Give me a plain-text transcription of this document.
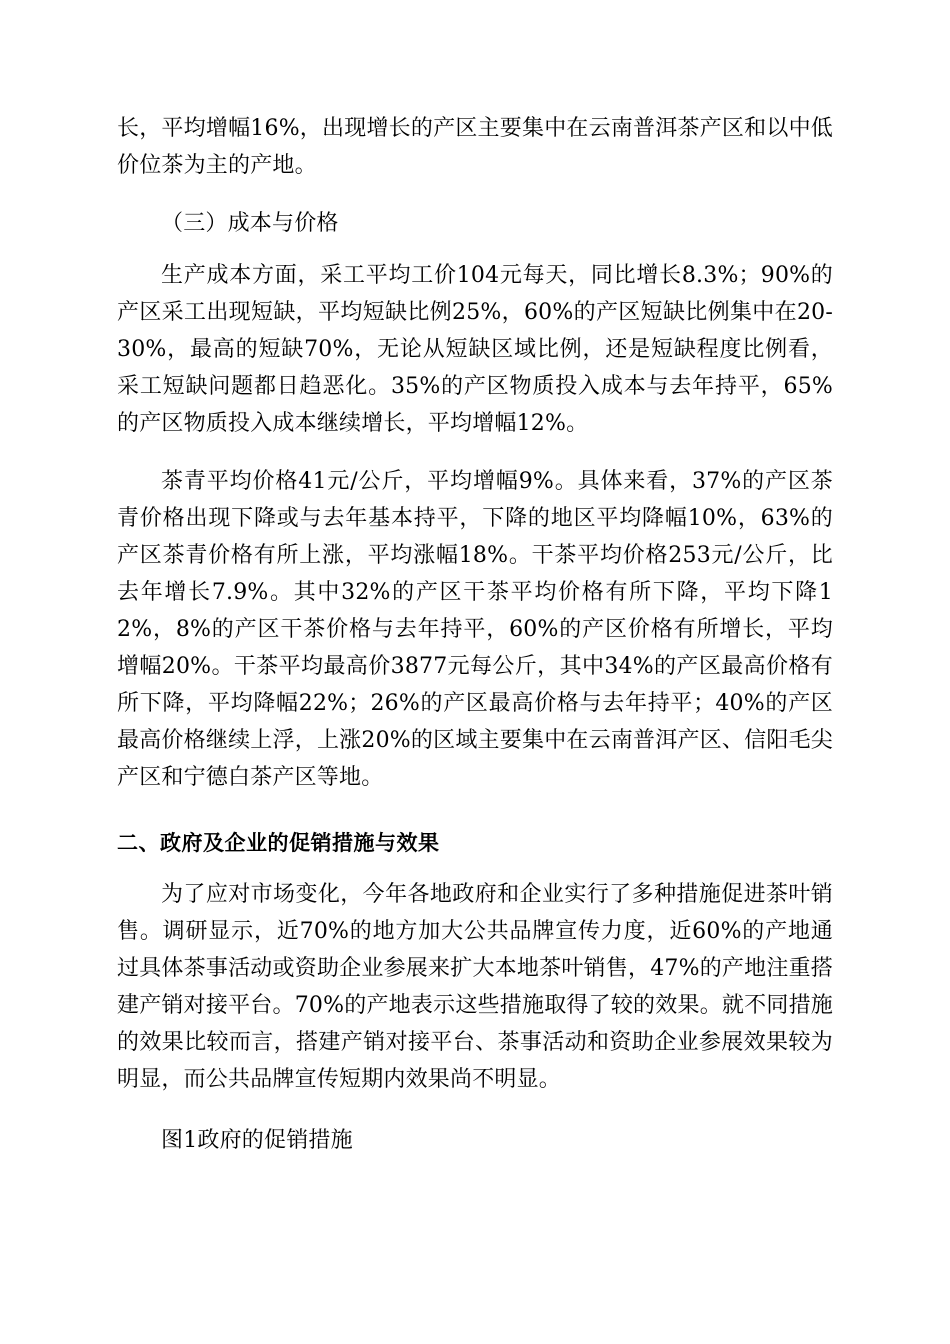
长，平均增幅16%，出现增长的产区主要集中在云南普洱茶产区和以中低价位茶为主的产地。

（三）成本与价格

生产成本方面，采工平均工价104元每天，同比增长8.3%；90%的产区采工出现短缺，平均短缺比例25%，60%的产区短缺比例集中在20-30%，最高的短缺70%，无论从短缺区域比例，还是短缺程度比例看，采工短缺问题都日趋恶化。35%的产区物质投入成本与去年持平，65%的产区物质投入成本继续增长，平均增幅12%。

茶青平均价格41元/公斤，平均增幅9%。具体来看，37%的产区茶青价格出现下降或与去年基本持平，下降的地区平均降幅10%，63%的产区茶青价格有所上涨，平均涨幅18%。干茶平均价格253元/公斤，比去年增长7.9%。其中32%的产区干茶平均价格有所下降，平均下降12%，8%的产区干茶价格与去年持平，60%的产区价格有所增长，平均增幅20%。干茶平均最高价3877元每公斤，其中34%的产区最高价格有所下降，平均降幅22%；26%的产区最高价格与去年持平；40%的产区最高价格继续上浮，上涨20%的区域主要集中在云南普洱产区、信阳毛尖产区和宁德白茶产区等地。

二、政府及企业的促销措施与效果

为了应对市场变化，今年各地政府和企业实行了多种措施促进茶叶销售。调研显示，近70%的地方加大公共品牌宣传力度，近60%的产地通过具体茶事活动或资助企业参展来扩大本地茶叶销售，47%的产地注重搭建产销对接平台。70%的产地表示这些措施取得了较的效果。就不同措施的效果比较而言，搭建产销对接平台、茶事活动和资助企业参展效果较为明显，而公共品牌宣传短期内效果尚不明显。

图1政府的促销措施
